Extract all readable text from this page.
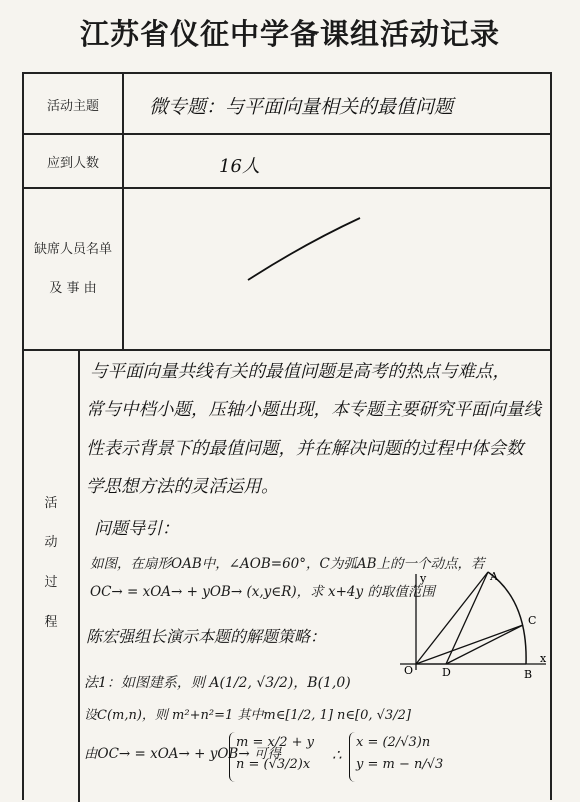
江苏省仪征中学备课组活动记录
活动主题
应到人数
缺席人员名单
及 事 由
活
动
过
程
微专题：与平面向量相关的最值问题
16人
与平面向量共线有关的最值问题是高考的热点与难点，
常与中档小题，压轴小题出现，本专题主要研究平面向量线
性表示背景下的最值问题，并在解决问题的过程中体会数
学思想方法的灵活运用。
问题导引：
如图，在扇形OAB中，∠AOB=60°，C为弧AB上的一个动点，若
OC→ = xOA→ + yOB→ (x,y∈R)，求 x+4y 的取值范围
陈宏强组长演示本题的解题策略：
法1：如图建系，则 A(1/2, √3/2)，B(1,0)
设C(m,n)，则 m²+n²=1 其中m∈[1/2, 1] n∈[0, √3/2]
由OC→ = xOA→ + yOB→ 可得
m = x/2 + y
n = (√3/2)x
∴
x = (2/√3)n
y = m − n/√3
O
A
B
C
D
x
y
